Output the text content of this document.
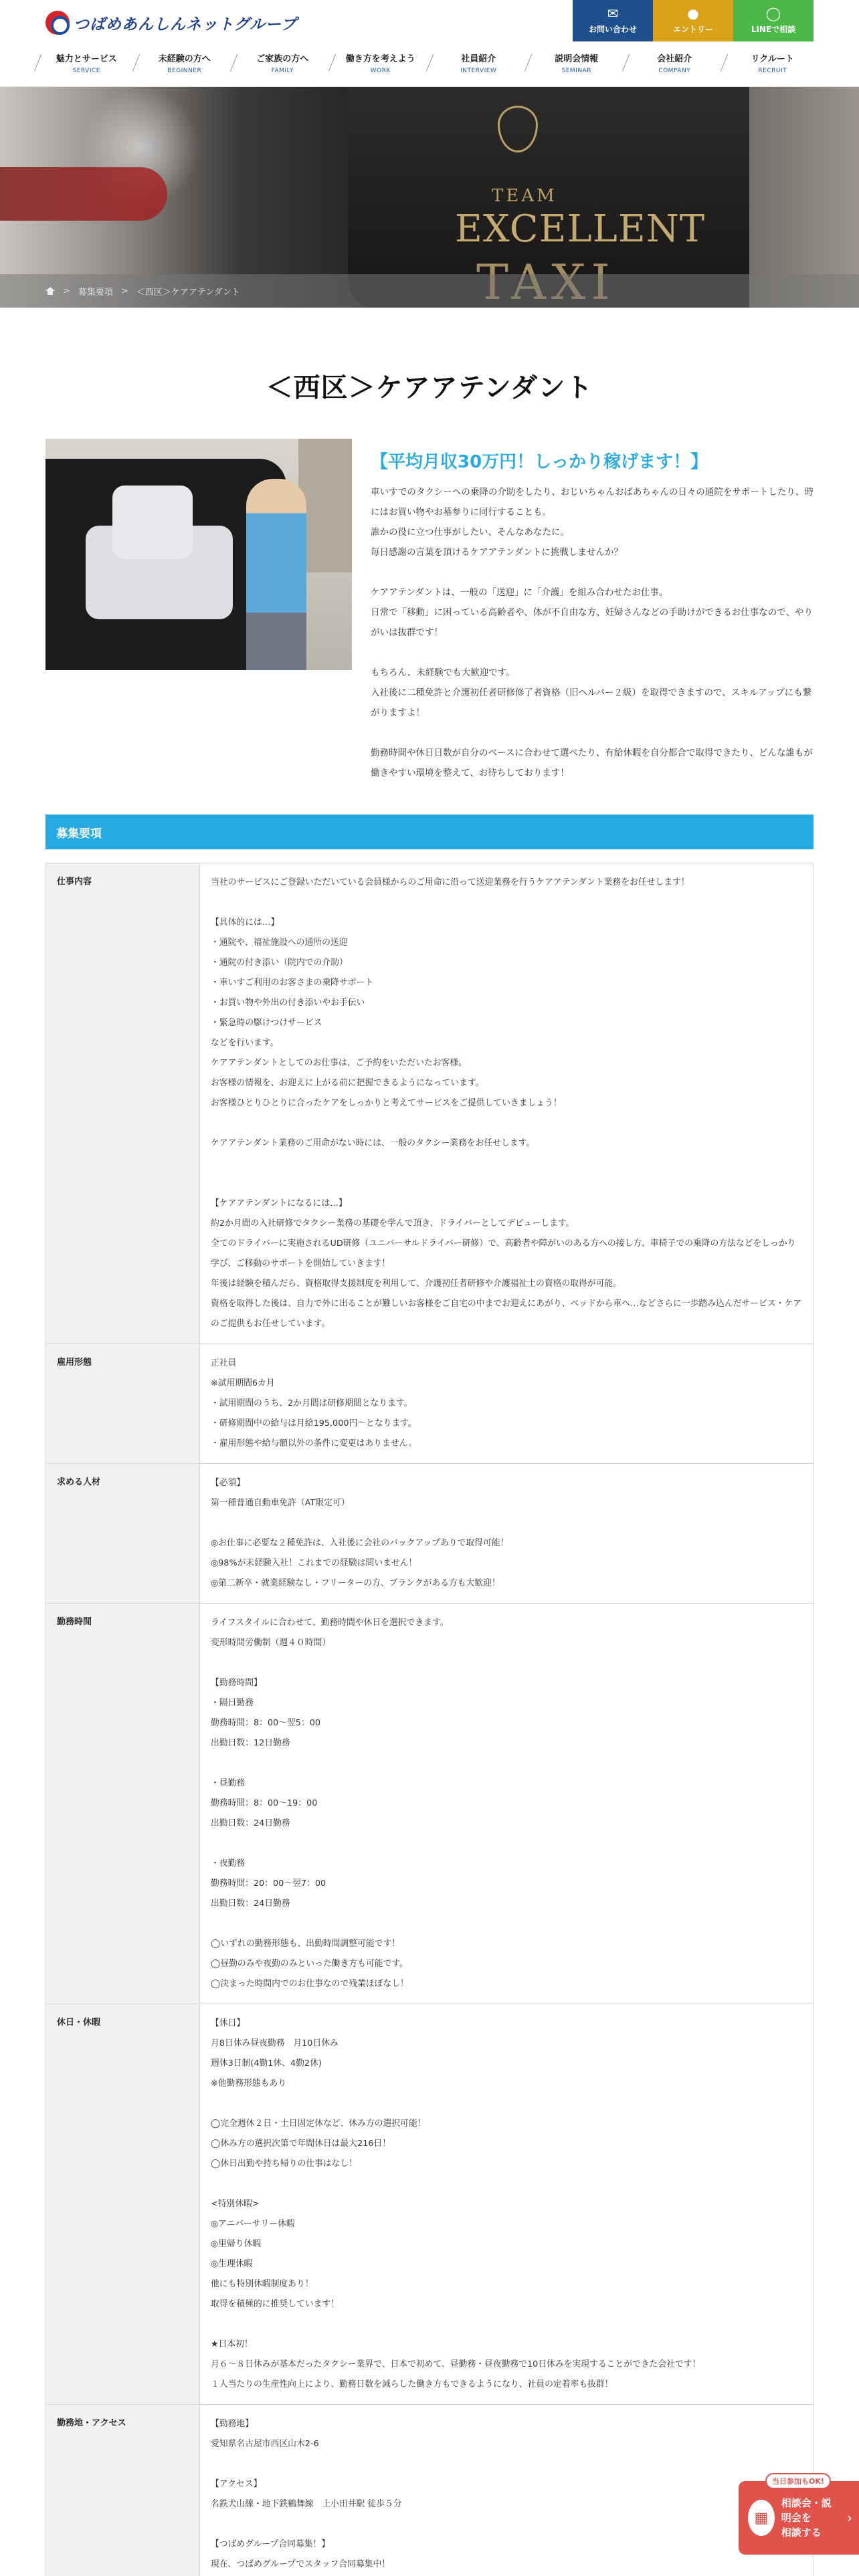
つばめあんしんネットグループ
✉
お問い合わせ
●
エントリー
◯
LINEで相談
魅力とサービス
SERVICE
未経験の方へ
BEGINNER
ご家族の方へ
FAMILY
働き方を考えよう
WORK
社員紹介
INTERVIEW
説明会情報
SEMINAR
会社紹介
COMPANY
リクルート
RECRUIT
TEAM
EXCELLENT
> 募集要項 > ＜西区＞ケアアテンダント
＜西区＞ケアアテンダント
【平均月収30万円！しっかり稼げます！】

車いすでのタクシーへの乗降の介助をしたり、おじいちゃんおばあちゃんの日々の通院をサポートしたり、時にはお買い物やお墓参りに同行することも。

誰かの役に立つ仕事がしたい、そんなあなたに。

毎日感謝の言葉を頂けるケアアテンダントに挑戦しませんか？

ケアアテンダントは、一般の「送迎」に「介護」を組み合わせたお仕事。

日常で「移動」に困っている高齢者や、体が不自由な方、妊婦さんなどの手助けができるお仕事なので、やりがいは抜群です！

もちろん、未経験でも大歓迎です。

入社後に二種免許と介護初任者研修修了者資格（旧ヘルパー２級）を取得できますので、スキルアップにも繋がりますよ！

勤務時間や休日日数が自分のペースに合わせて選べたり、有給休暇を自分都合で取得できたり、どんな誰もが働きやすい環境を整えて、お待ちしております！

募集要項
仕事内容	当社のサービスにご登録いただいている会員様からのご用命に沿って送迎業務を行うケアアテンダント業務をお任せします！

【具体的には…】

・通院や、福祉施設への通所の送迎

・通院の付き添い（院内での介助）

・車いすご利用のお客さまの乗降サポート

・お買い物や外出の付き添いやお手伝い

・緊急時の駆けつけサービス

などを行います。

ケアアテンダントとしてのお仕事は、ご予約をいただいたお客様。

お客様の情報を、お迎えに上がる前に把握できるようになっています。

お客様ひとりひとりに合ったケアをしっかりと考えてサービスをご提供していきましょう！

ケアアテンダント業務のご用命がない時には、一般のタクシー業務をお任せします。

【ケアアテンダントになるには…】

約2か月間の入社研修でタクシー業務の基礎を学んで頂き、ドライバーとしてデビューします。

全てのドライバーに実施されるUD研修（ユニバーサルドライバー研修）で、高齢者や障がいのある方への接し方、車椅子での乗降の方法などをしっかり学び、ご移動のサポートを開始していきます！

年後は経験を積んだら、資格取得支援制度を利用して、介護初任者研修や介護福祉士の資格の取得が可能。

資格を取得した後は、自力で外に出ることが難しいお客様をご自宅の中までお迎えにあがり、ベッドから車へ…などさらに一歩踏み込んだサービス・ケアのご提供もお任せしています。

雇用形態	正社員

※試用期間6カ月

・試用期間のうち、2か月間は研修期間となります。

・研修期間中の給与は月給195,000円〜となります。

・雇用形態や給与額以外の条件に変更はありません。

求める人材	【必須】

第一種普通自動車免許（AT限定可）

◎お仕事に必要な２種免許は、入社後に会社のバックアップありで取得可能！

◎98%が未経験入社！これまでの経験は問いません！

◎第二新卒・就業経験なし・フリーターの方、ブランクがある方も大歓迎！

勤務時間	ライフスタイルに合わせて、勤務時間や休日を選択できます。

変形時間労働制（週４０時間）

【勤務時間】

・隔日勤務

勤務時間：8：00〜翌5：00

出勤日数：12日勤務

・昼勤務

勤務時間：8：00〜19：00

出勤日数：24日勤務

・夜勤務

勤務時間：20：00〜翌7：00

出勤日数：24日勤務

◯いずれの勤務形態も、出勤時間調整可能です！

◯昼勤のみや夜勤のみといった働き方も可能です。

◯決まった時間内でのお仕事なので残業ほぼなし！

休日・休暇	【休日】

月8日休み昼夜勤務　月10日休み

週休3日制(4勤1休、4勤2休)

※他勤務形態もあり

◯完全週休２日・土日固定休など、休み方の選択可能！

◯休み方の選択次第で年間休日は最大216日！

◯休日出勤や持ち帰りの仕事はなし！

<特別休暇>

◎アニバーサリー休暇

◎里帰り休暇

◎生理休暇

他にも特別休暇制度あり！

取得を積極的に推奨しています！

★日本初！

月６〜８日休みが基本だったタクシー業界で、日本で初めて、昼勤務・昼夜勤務で10日休みを実現することができた会社です！

１人当たりの生産性向上により、勤務日数を減らした働き方もできるようになり、社員の定着率も抜群！

勤務地・アクセス	【勤務地】

愛知県名古屋市西区山木2-6

【アクセス】

名鉄犬山線・地下鉄鶴舞線　上小田井駅 徒歩５分

【つばめグループ合同募集！】

現在、つばめグループでスタッフ合同募集中！

当日参加もOK!
▦
相談会・説明会を
相談する
›
